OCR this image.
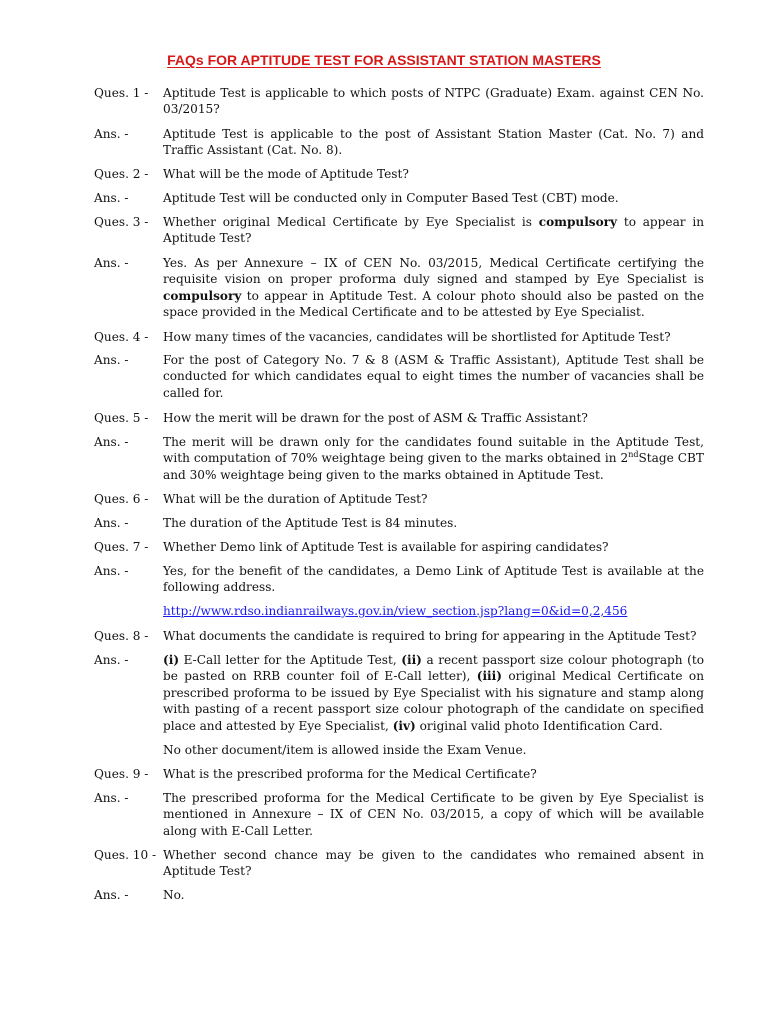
FAQs FOR APTITUDE TEST FOR ASSISTANT STATION MASTERS
Ques. 1 - Aptitude Test is applicable to which posts of NTPC (Graduate) Exam. against CEN No. 03/2015?
Ans. -	Aptitude Test is applicable to the post of Assistant Station Master (Cat. No. 7) and Traffic Assistant (Cat. No. 8).
Ques. 2 - What will be the mode of Aptitude Test?
Ans. -	Aptitude Test will be conducted only in Computer Based Test (CBT) mode.
Ques. 3 - Whether original Medical Certificate by Eye Specialist is compulsory to appear in Aptitude Test?
Ans. -	Yes. As per Annexure – IX of CEN No. 03/2015, Medical Certificate certifying the requisite vision on proper proforma duly signed and stamped by Eye Specialist is compulsory to appear in Aptitude Test. A colour photo should also be pasted on the space provided in the Medical Certificate and to be attested by Eye Specialist.
Ques. 4 - How many times of the vacancies, candidates will be shortlisted for Aptitude Test?
Ans. -	For the post of Category No. 7 & 8 (ASM & Traffic Assistant), Aptitude Test shall be conducted for which candidates equal to eight times the number of vacancies shall be called for.
Ques. 5 - How the merit will be drawn for the post of ASM & Traffic Assistant?
Ans. -	The merit will be drawn only for the candidates found suitable in the Aptitude Test, with computation of 70% weightage being given to the marks obtained in 2ndStage CBT and 30% weightage being given to the marks obtained in Aptitude Test.
Ques. 6 - What will be the duration of Aptitude Test?
Ans. -	The duration of the Aptitude Test is 84 minutes.
Ques. 7 - Whether Demo link of Aptitude Test is available for aspiring candidates?
Ans. -	Yes, for the benefit of the candidates, a Demo Link of Aptitude Test is available at the following address.
http://www.rdso.indianrailways.gov.in/view_section.jsp?lang=0&id=0,2,456
Ques. 8 - What documents the candidate is required to bring for appearing in the Aptitude Test?
Ans. -	(i) E-Call letter for the Aptitude Test, (ii) a recent passport size colour photograph (to be pasted on RRB counter foil of E-Call letter), (iii) original Medical Certificate on prescribed proforma to be issued by Eye Specialist with his signature and stamp along with pasting of a recent passport size colour photograph of the candidate on specified place and attested by Eye Specialist, (iv) original valid photo Identification Card.
No other document/item is allowed inside the Exam Venue.
Ques. 9 - What is the prescribed proforma for the Medical Certificate?
Ans. -	The prescribed proforma for the Medical Certificate to be given by Eye Specialist is mentioned in Annexure – IX of CEN No. 03/2015, a copy of which will be available along with E-Call Letter.
Ques. 10 - Whether second chance may be given to the candidates who remained absent in Aptitude Test?
Ans. -	No.
